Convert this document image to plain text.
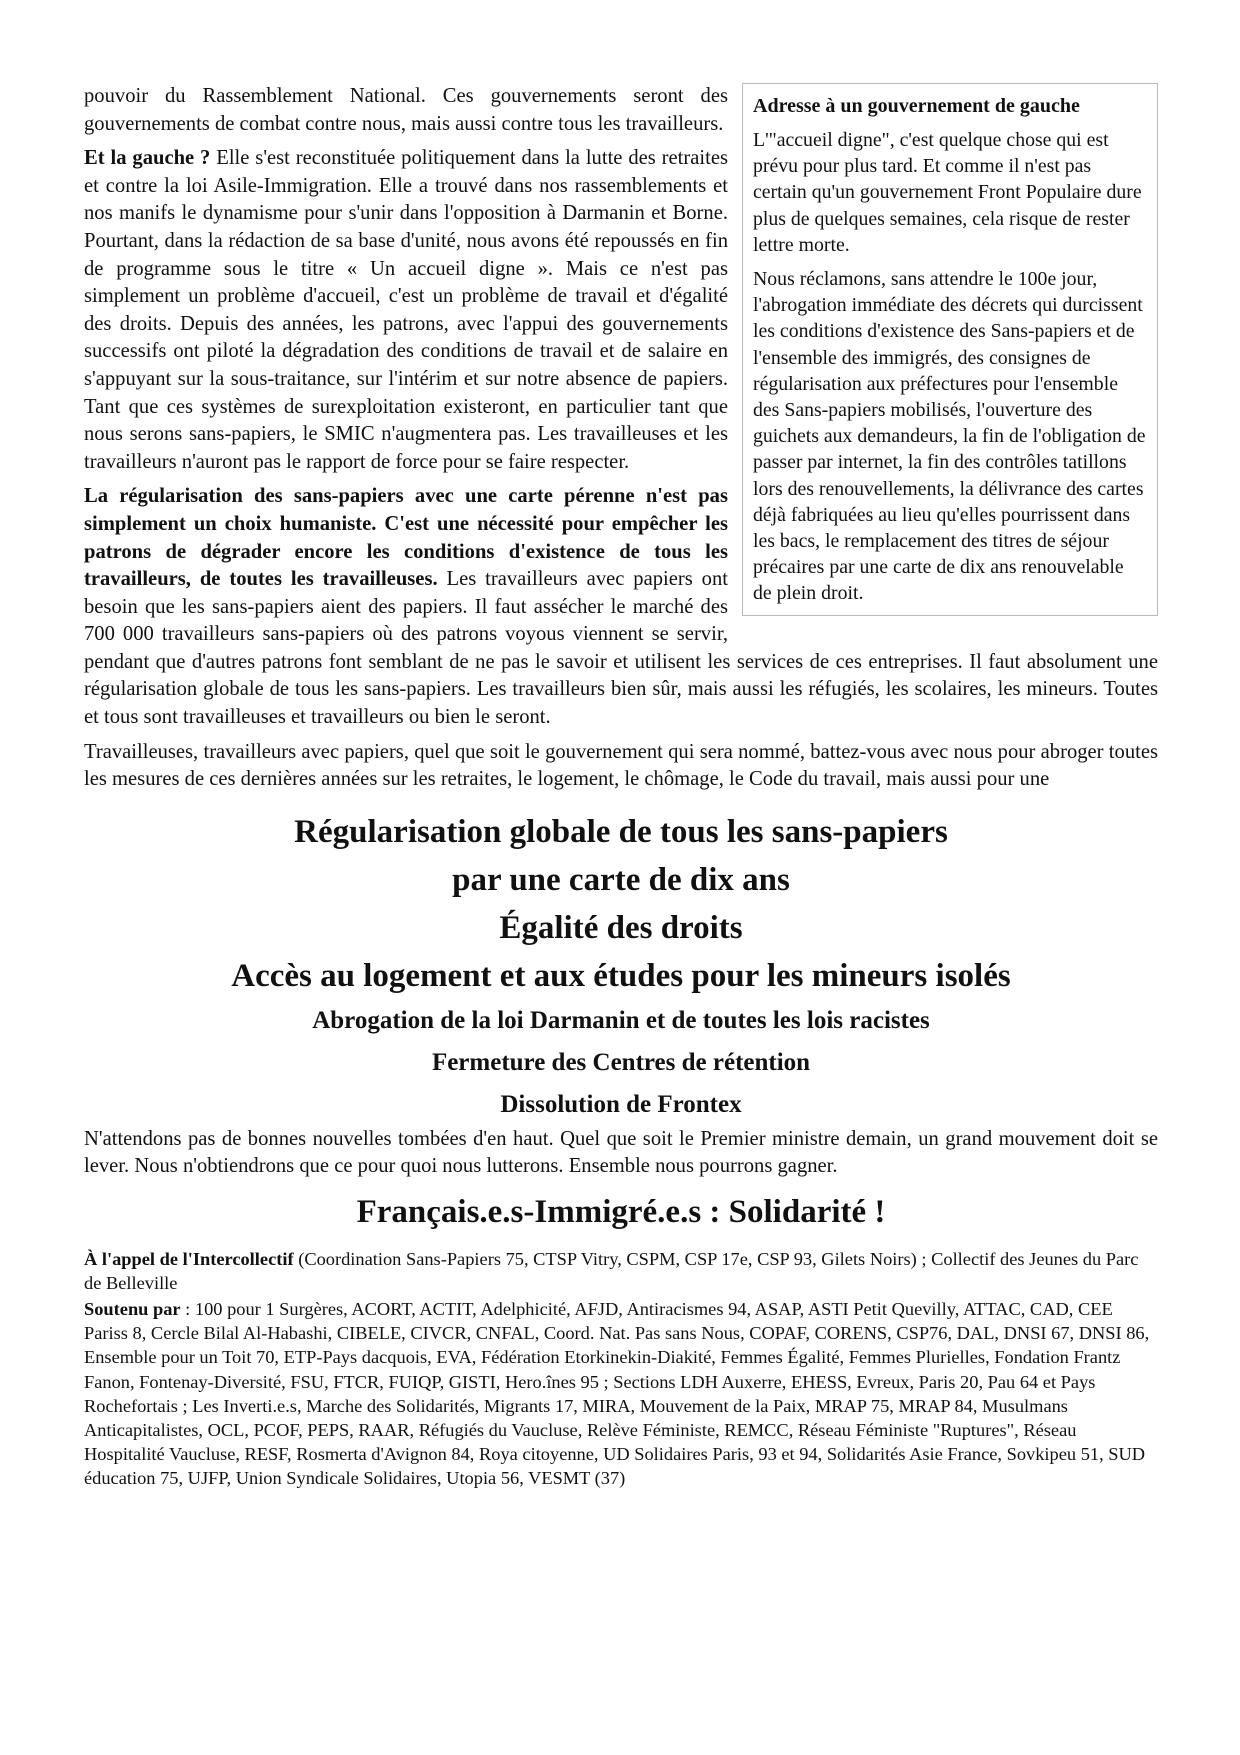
Adresse à un gouvernement de gauche

L'"accueil digne", c'est quelque chose qui est prévu pour plus tard. Et comme il n'est pas certain qu'un gouvernement Front Populaire dure plus de quelques semaines, cela risque de rester lettre morte.

Nous réclamons, sans attendre le 100e jour, l'abrogation immédiate des décrets qui durcissent les conditions d'existence des Sans-papiers et de l'ensemble des immigrés, des consignes de régularisation aux préfectures pour l'ensemble des Sans-papiers mobilisés, l'ouverture des guichets aux demandeurs, la fin de l'obligation de passer par internet, la fin des contrôles tatillons lors des renouvellements, la délivrance des cartes déjà fabriquées au lieu qu'elles pourrissent dans les bacs, le remplacement des titres de séjour précaires par une carte de dix ans renouvelable de plein droit.

pouvoir du Rassemblement National. Ces gouvernements seront des gouvernements de combat contre nous, mais aussi contre tous les travailleurs.

Et la gauche ? Elle s'est reconstituée politiquement dans la lutte des retraites et contre la loi Asile-Immigration. Elle a trouvé dans nos rassemblements et nos manifs le dynamisme pour s'unir dans l'opposition à Darmanin et Borne. Pourtant, dans la rédaction de sa base d'unité, nous avons été repoussés en fin de programme sous le titre « Un accueil digne ». Mais ce n'est pas simplement un problème d'accueil, c'est un problème de travail et d'égalité des droits. Depuis des années, les patrons, avec l'appui des gouvernements successifs ont piloté la dégradation des conditions de travail et de salaire en s'appuyant sur la sous-traitance, sur l'intérim et sur notre absence de papiers. Tant que ces systèmes de surexploitation existeront, en particulier tant que nous serons sans-papiers, le SMIC n'augmentera pas. Les travailleuses et les travailleurs n'auront pas le rapport de force pour se faire respecter.

La régularisation des sans-papiers avec une carte pérenne n'est pas simplement un choix humaniste. C'est une nécessité pour empêcher les patrons de dégrader encore les conditions d'existence de tous les travailleurs, de toutes les travailleuses. Les travailleurs avec papiers ont besoin que les sans-papiers aient des papiers. Il faut assécher le marché des 700 000 travailleurs sans-papiers où des patrons voyous viennent se servir, pendant que d'autres patrons font semblant de ne pas le savoir et utilisent les services de ces entreprises. Il faut absolument une régularisation globale de tous les sans-papiers. Les travailleurs bien sûr, mais aussi les réfugiés, les scolaires, les mineurs. Toutes et tous sont travailleuses et travailleurs ou bien le seront.

Travailleuses, travailleurs avec papiers, quel que soit le gouvernement qui sera nommé, battez-vous avec nous pour abroger toutes les mesures de ces dernières années sur les retraites, le logement, le chômage, le Code du travail, mais aussi pour une

Régularisation globale de tous les sans-papiers
par une carte de dix ans
Égalité des droits
Accès au logement et aux études pour les mineurs isolés
Abrogation de la loi Darmanin et de toutes les lois racistes
Fermeture des Centres de rétention
Dissolution de Frontex

N'attendons pas de bonnes nouvelles tombées d'en haut. Quel que soit le Premier ministre demain, un grand mouvement doit se lever. Nous n'obtiendrons que ce pour quoi nous lutterons. Ensemble nous pourrons gagner.

Français.e.s-Immigré.e.s : Solidarité !

À l'appel de l'Intercollectif (Coordination Sans-Papiers 75, CTSP Vitry, CSPM, CSP 17e, CSP 93, Gilets Noirs) ; Collectif des Jeunes du Parc de Belleville

Soutenu par : 100 pour 1 Surgères, ACORT, ACTIT, Adelphicité, AFJD, Antiracismes 94, ASAP, ASTI Petit Quevilly, ATTAC, CAD, CEE Pariss 8, Cercle Bilal Al-Habashi, CIBELE, CIVCR, CNFAL, Coord. Nat. Pas sans Nous, COPAF, CORENS, CSP76, DAL, DNSI 67, DNSI 86, Ensemble pour un Toit 70, ETP-Pays dacquois, EVA, Fédération Etorkinekin-Diakité, Femmes Égalité, Femmes Plurielles, Fondation Frantz Fanon, Fontenay-Diversité, FSU, FTCR, FUIQP, GISTI, Hero.înes 95 ; Sections LDH Auxerre, EHESS, Evreux, Paris 20, Pau 64 et Pays Rochefortais ; Les Inverti.e.s, Marche des Solidarités, Migrants 17, MIRA, Mouvement de la Paix, MRAP 75, MRAP 84, Musulmans Anticapitalistes, OCL, PCOF, PEPS, RAAR, Réfugiés du Vaucluse, Relève Féministe, REMCC, Réseau Féministe "Ruptures", Réseau Hospitalité Vaucluse, RESF, Rosmerta d'Avignon 84, Roya citoyenne, UD Solidaires Paris, 93 et 94, Solidarités Asie France, Sovkipeu 51, SUD éducation 75, UJFP, Union Syndicale Solidaires, Utopia 56, VESMT (37)
